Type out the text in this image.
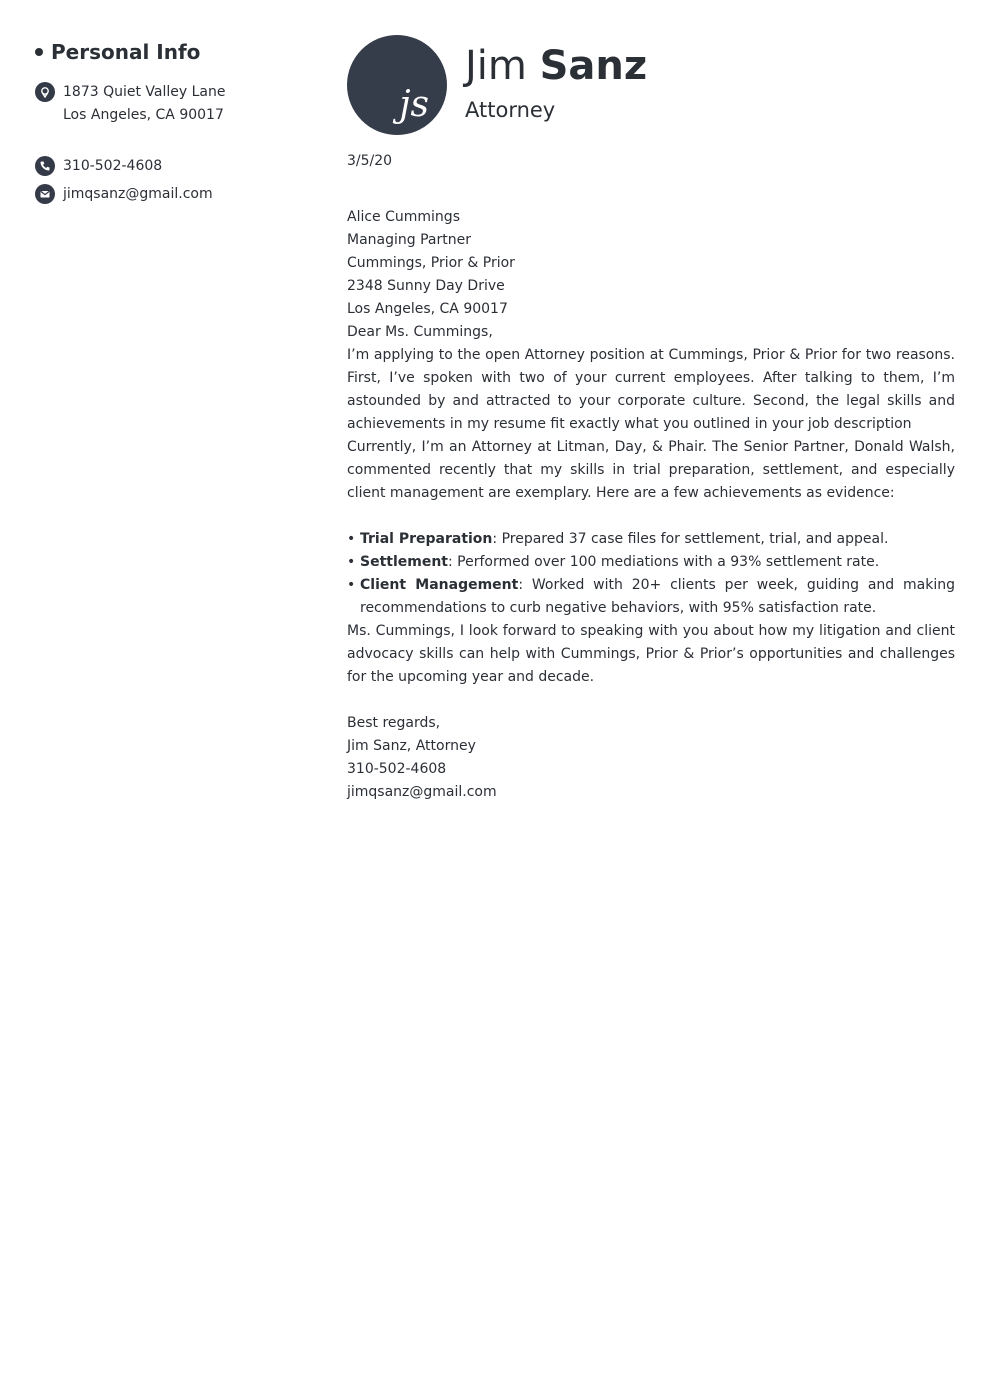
Personal Info
1873 Quiet Valley Lane
Los Angeles, CA 90017
310-502-4608
jimqsanz@gmail.com
js
Jim Sanz
Attorney

3/5/20

Alice Cummings

Managing Partner

Cummings, Prior & Prior

2348 Sunny Day Drive

Los Angeles, CA 90017

Dear Ms. Cummings,

I’m applying to the open Attorney position at Cummings, Prior & Prior for two reasons. First, I’ve spoken with two of your current employees. After talking to them, I’m astounded by and attracted to your corporate culture. Second, the legal skills and achievements in my resume fit exactly what you outlined in your job description

Currently, I’m an Attorney at Litman, Day, & Phair. The Senior Partner, Donald Walsh, commented recently that my skills in trial preparation, settlement, and especially client management are exemplary. Here are a few achievements as evidence:

• Trial Preparation: Prepared 37 case files for settlement, trial, and appeal.
• Settlement: Performed over 100 mediations with a 93% settlement rate.
• Client Management: Worked with 20+ clients per week, guiding and making recommendations to curb negative behaviors, with 95% satisfaction rate.

Ms. Cummings, I look forward to speaking with you about how my litigation and client advocacy skills can help with Cummings, Prior & Prior’s opportunities and challenges for the upcoming year and decade.

Best regards,

Jim Sanz, Attorney

310-502-4608

jimqsanz@gmail.com
